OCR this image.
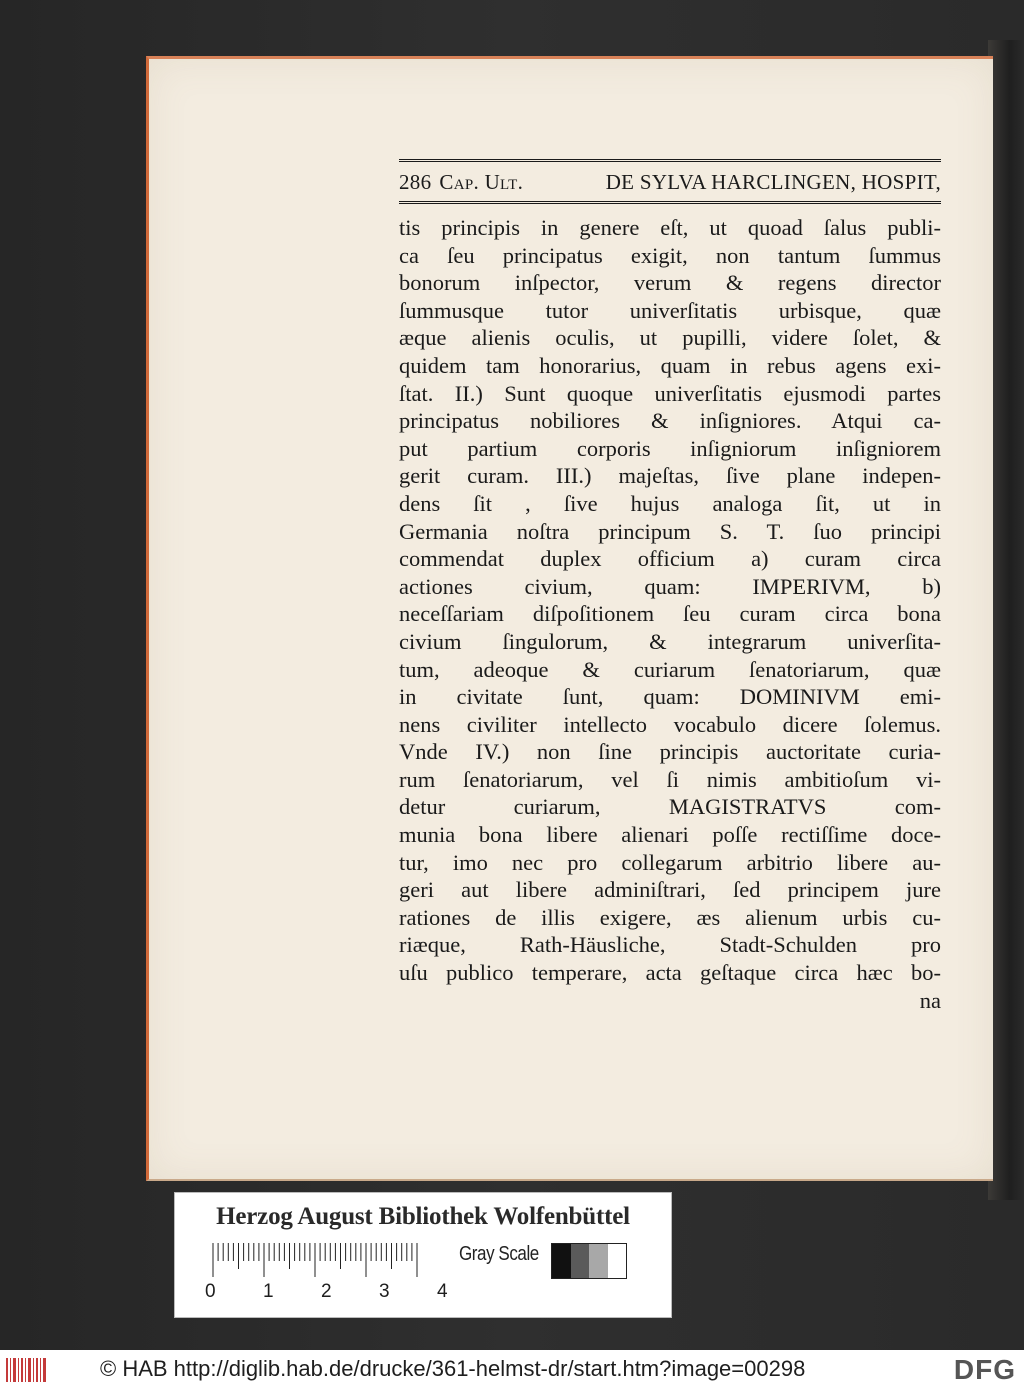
286 Cap. Ult.	DE SYLVA HARCLINGEN, HOSPIT,
tis principis in genere eſt, ut quoad ſalus publi-
ca ſeu principatus exigit, non tantum ſummus
bonorum inſpector, verum & regens director
ſummusque tutor univerſitatis urbisque, quæ
æque alienis oculis, ut pupilli, videre ſolet, &
quidem tam honorarius, quam in rebus agens exi-
ſtat. II.) Sunt quoque univerſitatis ejusmodi partes
principatus nobiliores & inſigniores. Atqui ca-
put partium corporis inſigniorum inſigniorem
gerit curam. III.) majeſtas, ſive plane indepen-
dens ſit , ſive hujus analoga ſit, ut in
Germania noſtra principum S. T. ſuo principi
commendat duplex officium a) curam circa
actiones civium, quam: IMPERIVM, b)
neceſſariam diſpoſitionem ſeu curam circa bona
civium ſingulorum, & integrarum univerſita-
tum, adeoque & curiarum ſenatoriarum, quæ
in civitate ſunt, quam: DOMINIVM emi-
nens civiliter intellecto vocabulo dicere ſolemus.
Vnde IV.) non ſine principis auctoritate curia-
rum ſenatoriarum, vel ſi nimis ambitioſum vi-
detur curiarum, MAGISTRATVS com-
munia bona libere alienari poſſe rectiſſime doce-
tur, imo nec pro collegarum arbitrio libere au-
geri aut libere adminiſtrari, ſed principem jure
rationes de illis exigere, æs alienum urbis cu-
riæque, Rath-Häusliche, Stadt-Schulden pro
uſu publico temperare, acta geſtaque circa hæc bo-
na
Herzog August Bibliothek Wolfenbüttel
0 1 2 3 4
Gray Scale
© HAB http://diglib.hab.de/drucke/361-helmst-dr/start.htm?image=00298	DFG
